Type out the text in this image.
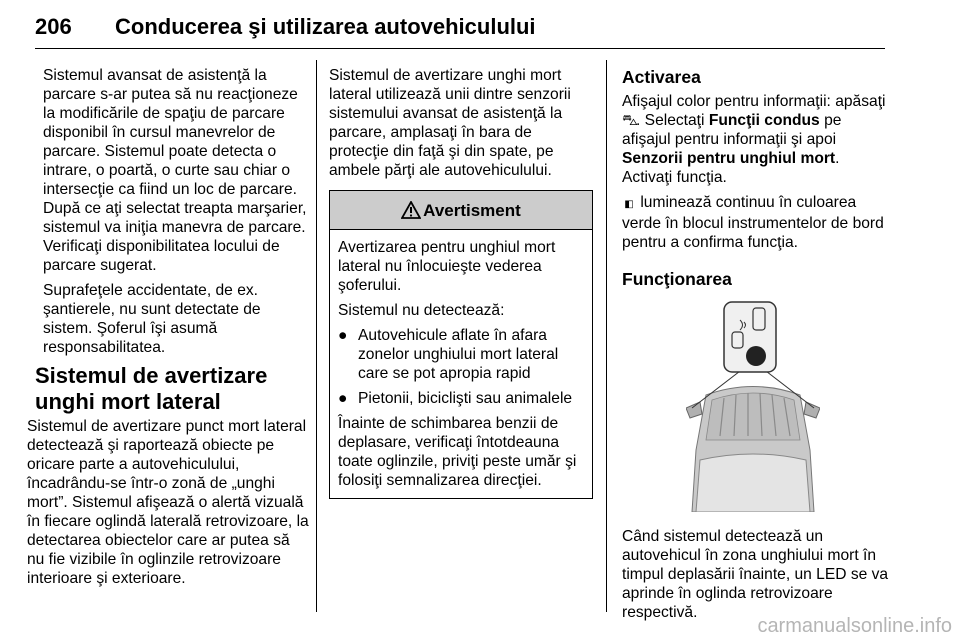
206 Conducerea şi utilizarea autovehiculului

Sistemul avansat de asistenţă la parcare s-ar putea să nu reacţioneze la modificările de spaţiu de parcare disponibil în cursul manevrelor de parcare. Sistemul poate detecta o intrare, o poartă, o curte sau chiar o intersecţie ca fiind un loc de parcare. După ce aţi selectat treapta marşarier, sistemul va iniţia manevra de parcare. Verificaţi disponibilitatea locului de parcare sugerat.

Suprafeţele accidentate, de ex. şantierele, nu sunt detectate de sistem. Şoferul îşi asumă responsabilitatea.

Sistemul de avertizare unghi mort lateral

Sistemul de avertizare punct mort lateral detectează şi raportează obiecte pe oricare parte a autovehiculului, încadrându-se într-o zonă de „unghi mort”. Sistemul afişează o alertă vizuală în fiecare oglindă laterală retrovizoare, la detectarea obiectelor care ar putea să nu fie vizibile în oglinzile retrovizoare interioare şi exterioare.

Sistemul de avertizare unghi mort lateral utilizează unii dintre senzorii sistemului avansat de asistenţă la parcare, amplasaţi în bara de protecţie din faţă şi din spate, pe ambele părţi ale autovehiculului.

Avertisment

Avertizarea pentru unghiul mort lateral nu înlocuieşte vederea şoferului.

Sistemul nu detectează:

● Autovehicule aflate în afara zonelor unghiului mort lateral care se pot apropia rapid
● Pietonii, biciclişti sau animalele

Înainte de schimbarea benzii de deplasare, verificaţi întotdeauna toate oglinzile, priviţi peste umăr şi folosiţi semnalizarea direcţiei.

Activarea

Afişajul color pentru informaţii: apăsaţi ⛍. Selectaţi Funcţii condus pe afişajul pentru informaţii şi apoi Senzorii pentru unghiul mort. Activaţi funcţia.

◧ luminează continuu în culoarea verde în blocul instrumentelor de bord pentru a confirma funcţia.

Funcţionarea

Când sistemul detectează un autovehicul în zona unghiului mort în timpul deplasării înainte, un LED se va aprinde în oglinda retrovizoare respectivă.

carmanualsonline.info
